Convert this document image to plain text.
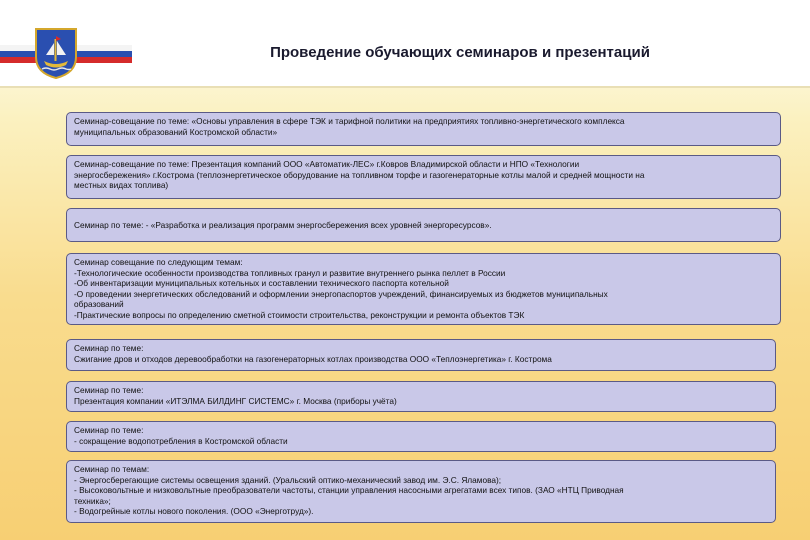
Проведение обучающих семинаров и презентаций
Семинар-совещание по теме: «Основы управления в сфере ТЭК и тарифной политики на предприятиях топливно-энергетического комплекса
муниципальных образований Костромской области»
Семинар-совещание по теме: Презентация компаний ООО «Автоматик-ЛЕС» г.Ковров Владимирской области и НПО «Технологии
энергосбережения» г.Кострома (теплоэнергетическое оборудование на топливном торфе и газогенераторные котлы малой и средней мощности на
местных видах топлива)
Семинар по теме: - «Разработка и реализация программ энергосбережения всех уровней энергоресурсов».
Семинар совещание по следующим темам:
-Технологические особенности производства топливных гранул и развитие внутреннего рынка пеллет в России
-Об инвентаризации муниципальных котельных и составлении технического паспорта котельной
-О проведении энергетических обследований и оформлении энергопаспортов учреждений, финансируемых из бюджетов муниципальных
образований
-Практические вопросы по определению сметной стоимости строительства, реконструкции и ремонта объектов ТЭК
Семинар по теме:
Сжигание дров и отходов деревообработки на газогенераторных котлах производства ООО «Теплоэнергетика» г. Кострома
Семинар по теме:
Презентация компании «ИТЭЛМА БИЛДИНГ СИСТЕМС» г. Москва (приборы учёта)
Семинар по теме:
- сокращение водопотребления в Костромской области
Семинар по темам:
- Энергосберегающие системы освещения зданий. (Уральский оптико-механический завод им. Э.С. Яламова);
- Высоковольтные и низковольтные преобразователи частоты, станции управления насосными агрегатами всех типов. (ЗАО «НТЦ Приводная
техника»;
- Водогрейные котлы нового поколения. (ООО «Энерготруд»).
